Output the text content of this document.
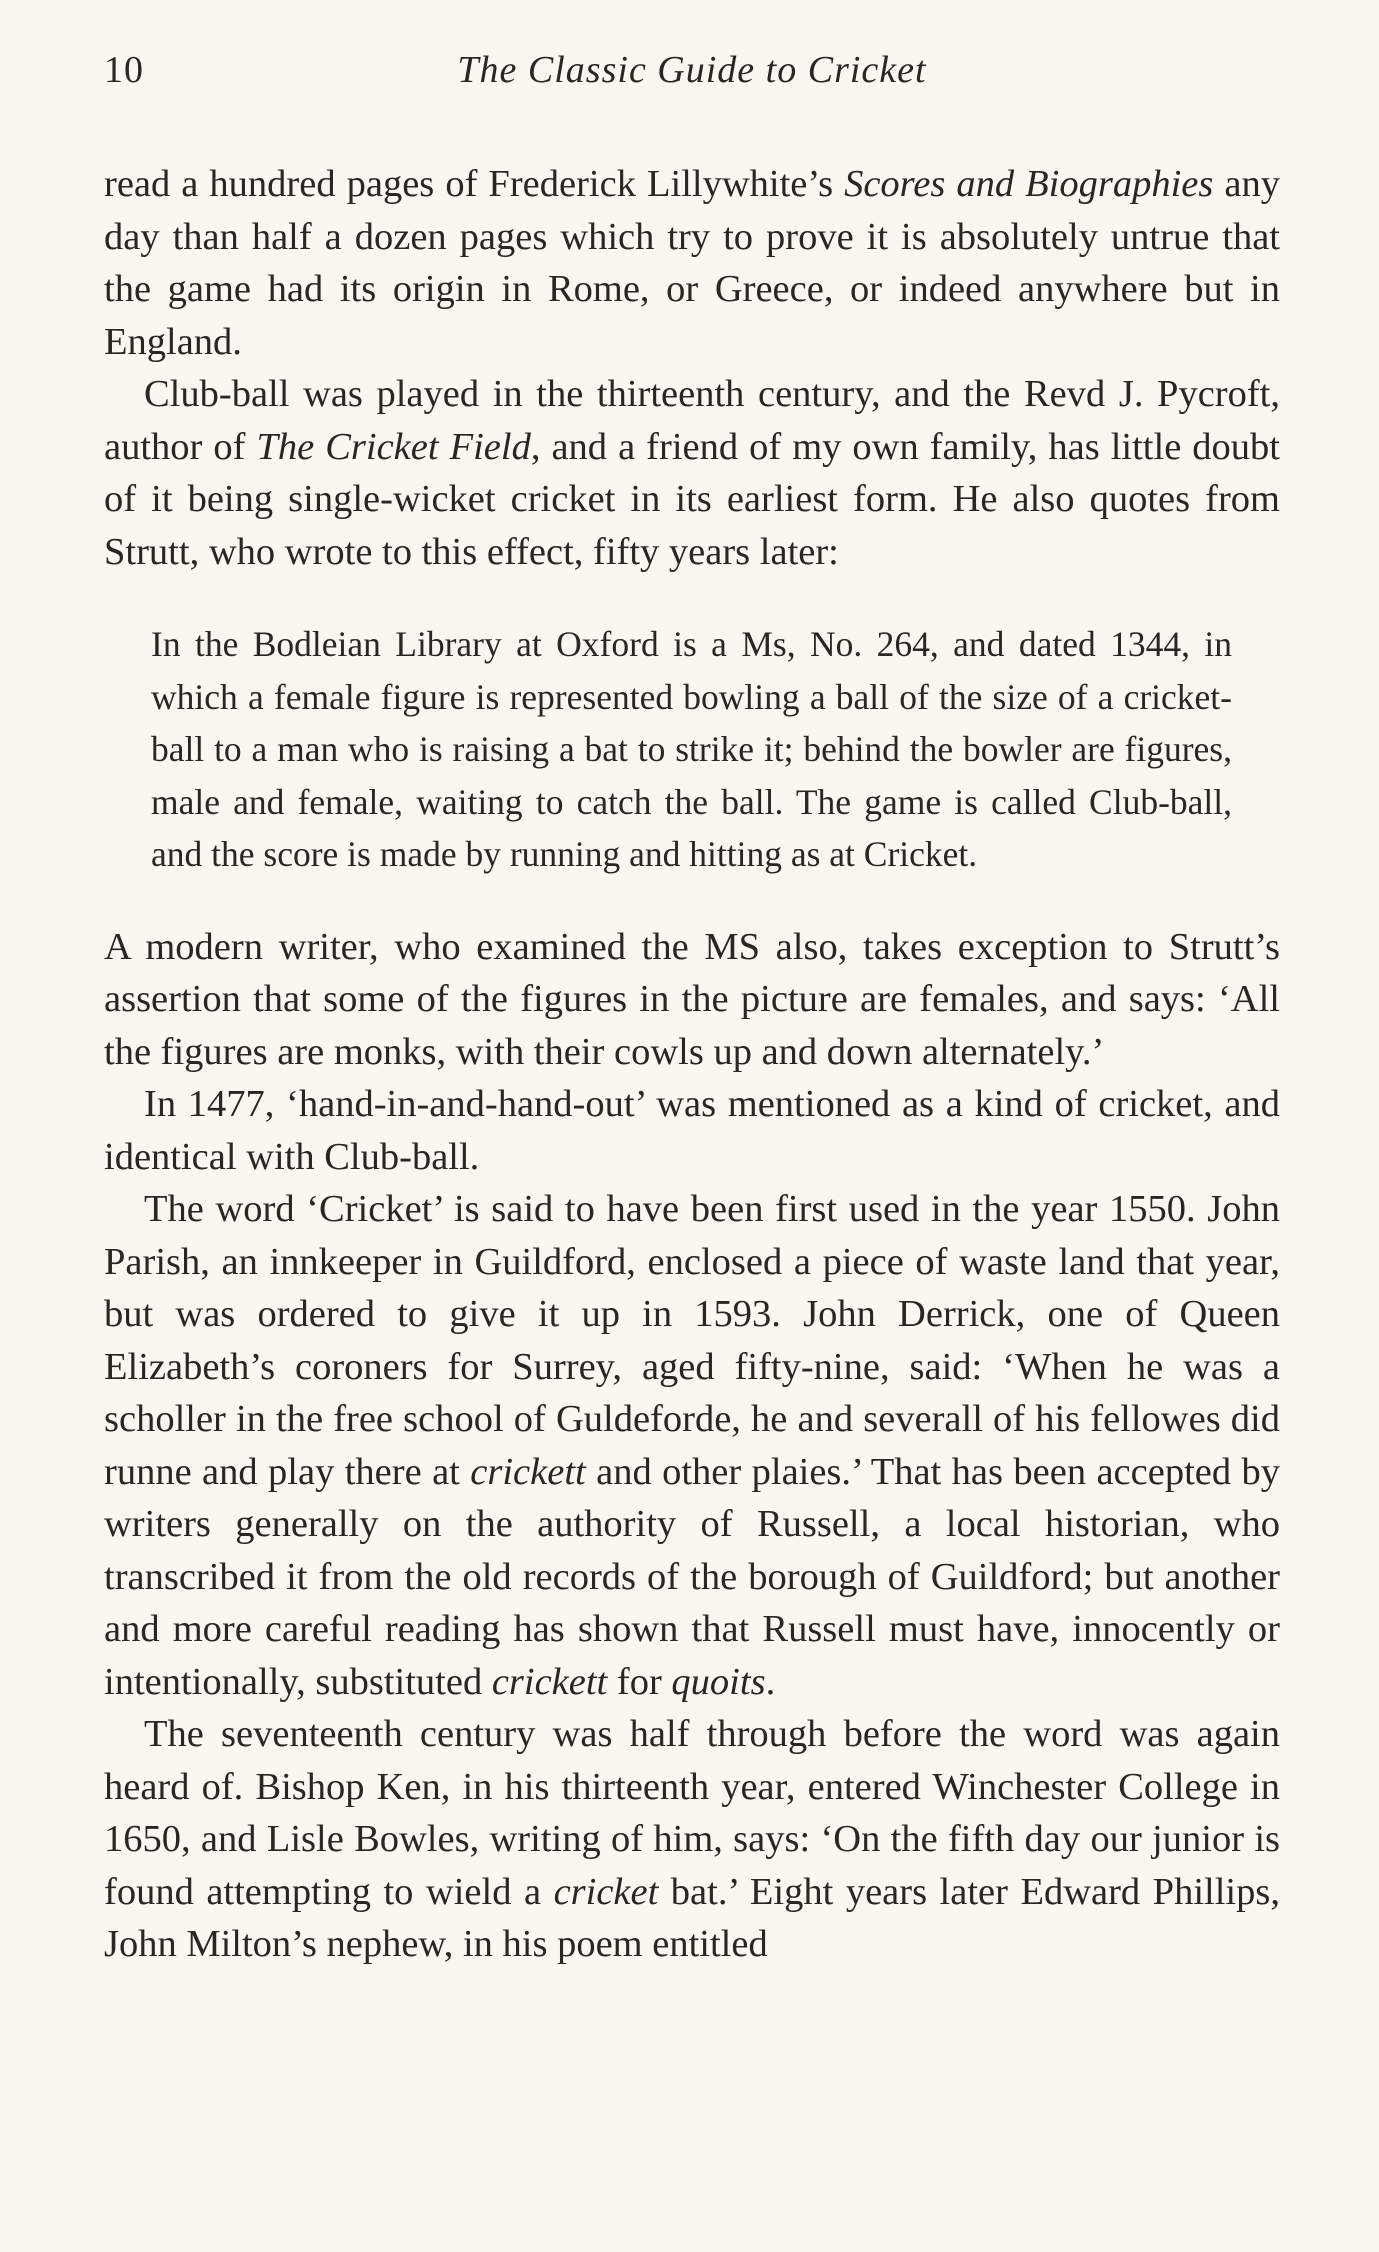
10	The Classic Guide to Cricket

read a hundred pages of Frederick Lillywhite’s Scores and Biographies any day than half a dozen pages which try to prove it is absolutely untrue that the game had its origin in Rome, or Greece, or indeed anywhere but in England.

Club-ball was played in the thirteenth century, and the Revd J. Pycroft, author of The Cricket Field, and a friend of my own family, has little doubt of it being single-wicket cricket in its earliest form. He also quotes from Strutt, who wrote to this effect, fifty years later:

In the Bodleian Library at Oxford is a Ms, No. 264, and dated 1344, in which a female figure is represented bowling a ball of the size of a cricket-ball to a man who is raising a bat to strike it; behind the bowler are figures, male and female, waiting to catch the ball. The game is called Club-ball, and the score is made by running and hitting as at Cricket.

A modern writer, who examined the MS also, takes exception to Strutt’s assertion that some of the figures in the picture are females, and says: ‘All the figures are monks, with their cowls up and down alternately.’

In 1477, ‘hand-in-and-hand-out’ was mentioned as a kind of cricket, and identical with Club-ball.

The word ‘Cricket’ is said to have been first used in the year 1550. John Parish, an innkeeper in Guildford, enclosed a piece of waste land that year, but was ordered to give it up in 1593. John Derrick, one of Queen Elizabeth’s coroners for Surrey, aged fifty-nine, said: ‘When he was a scholler in the free school of Guldeforde, he and severall of his fellowes did runne and play there at crickett and other plaies.’ That has been accepted by writers generally on the authority of Russell, a local historian, who transcribed it from the old records of the borough of Guildford; but another and more careful reading has shown that Russell must have, innocently or intentionally, substituted crickett for quoits.

The seventeenth century was half through before the word was again heard of. Bishop Ken, in his thirteenth year, entered Winchester College in 1650, and Lisle Bowles, writing of him, says: ‘On the fifth day our junior is found attempting to wield a cricket bat.’ Eight years later Edward Phillips, John Milton’s nephew, in his poem entitled
